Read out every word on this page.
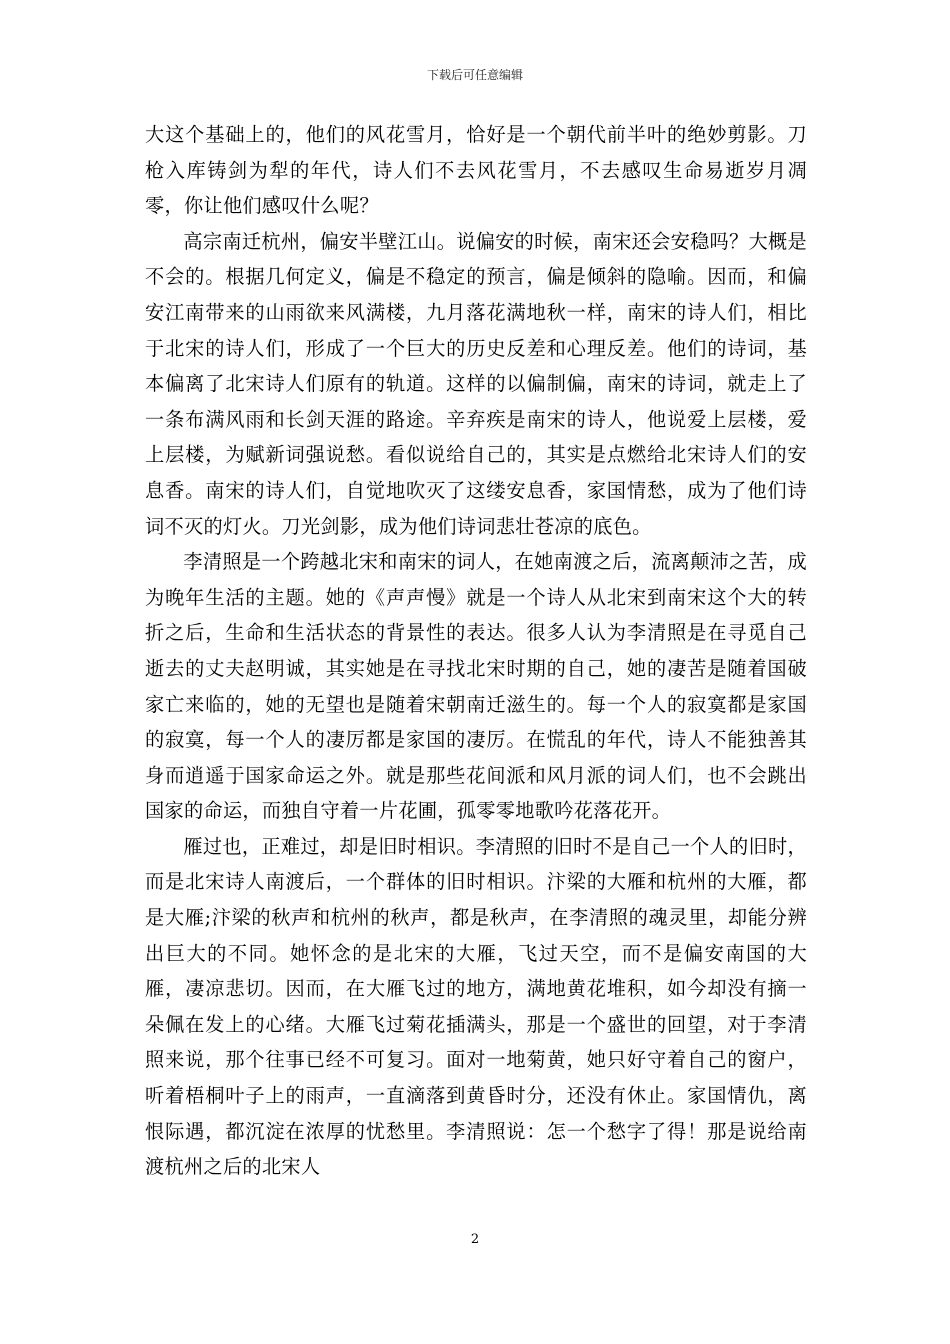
下载后可任意编辑

大这个基础上的，他们的风花雪月，恰好是一个朝代前半叶的绝妙剪影。刀枪入库铸剑为犁的年代，诗人们不去风花雪月，不去感叹生命易逝岁月凋零，你让他们感叹什么呢？

高宗南迁杭州，偏安半壁江山。说偏安的时候，南宋还会安稳吗？大概是不会的。根据几何定义，偏是不稳定的预言，偏是倾斜的隐喻。因而，和偏安江南带来的山雨欲来风满楼，九月落花满地秋一样，南宋的诗人们，相比于北宋的诗人们，形成了一个巨大的历史反差和心理反差。他们的诗词，基本偏离了北宋诗人们原有的轨道。这样的以偏制偏，南宋的诗词，就走上了一条布满风雨和长剑天涯的路途。辛弃疾是南宋的诗人，他说爱上层楼，爱上层楼，为赋新词强说愁。看似说给自己的，其实是点燃给北宋诗人们的安息香。南宋的诗人们，自觉地吹灭了这缕安息香，家国情愁，成为了他们诗词不灭的灯火。刀光剑影，成为他们诗词悲壮苍凉的底色。

李清照是一个跨越北宋和南宋的词人，在她南渡之后，流离颠沛之苦，成为晚年生活的主题。她的《声声慢》就是一个诗人从北宋到南宋这个大的转折之后，生命和生活状态的背景性的表达。很多人认为李清照是在寻觅自己逝去的丈夫赵明诚，其实她是在寻找北宋时期的自己，她的凄苦是随着国破家亡来临的，她的无望也是随着宋朝南迁滋生的。每一个人的寂寞都是家国的寂寞，每一个人的凄厉都是家国的凄厉。在慌乱的年代，诗人不能独善其身而逍遥于国家命运之外。就是那些花间派和风月派的词人们，也不会跳出国家的命运，而独自守着一片花圃，孤零零地歌吟花落花开。

雁过也，正难过，却是旧时相识。李清照的旧时不是自己一个人的旧时，而是北宋诗人南渡后，一个群体的旧时相识。汴梁的大雁和杭州的大雁，都是大雁;汴梁的秋声和杭州的秋声，都是秋声，在李清照的魂灵里，却能分辨出巨大的不同。她怀念的是北宋的大雁，飞过天空，而不是偏安南国的大雁，凄凉悲切。因而，在大雁飞过的地方，满地黄花堆积，如今却没有摘一朵佩在发上的心绪。大雁飞过菊花插满头，那是一个盛世的回望，对于李清照来说，那个往事已经不可复习。面对一地菊黄，她只好守着自己的窗户，听着梧桐叶子上的雨声，一直滴落到黄昏时分，还没有休止。家国情仇，离恨际遇，都沉淀在浓厚的忧愁里。李清照说：怎一个愁字了得！那是说给南渡杭州之后的北宋人

2
